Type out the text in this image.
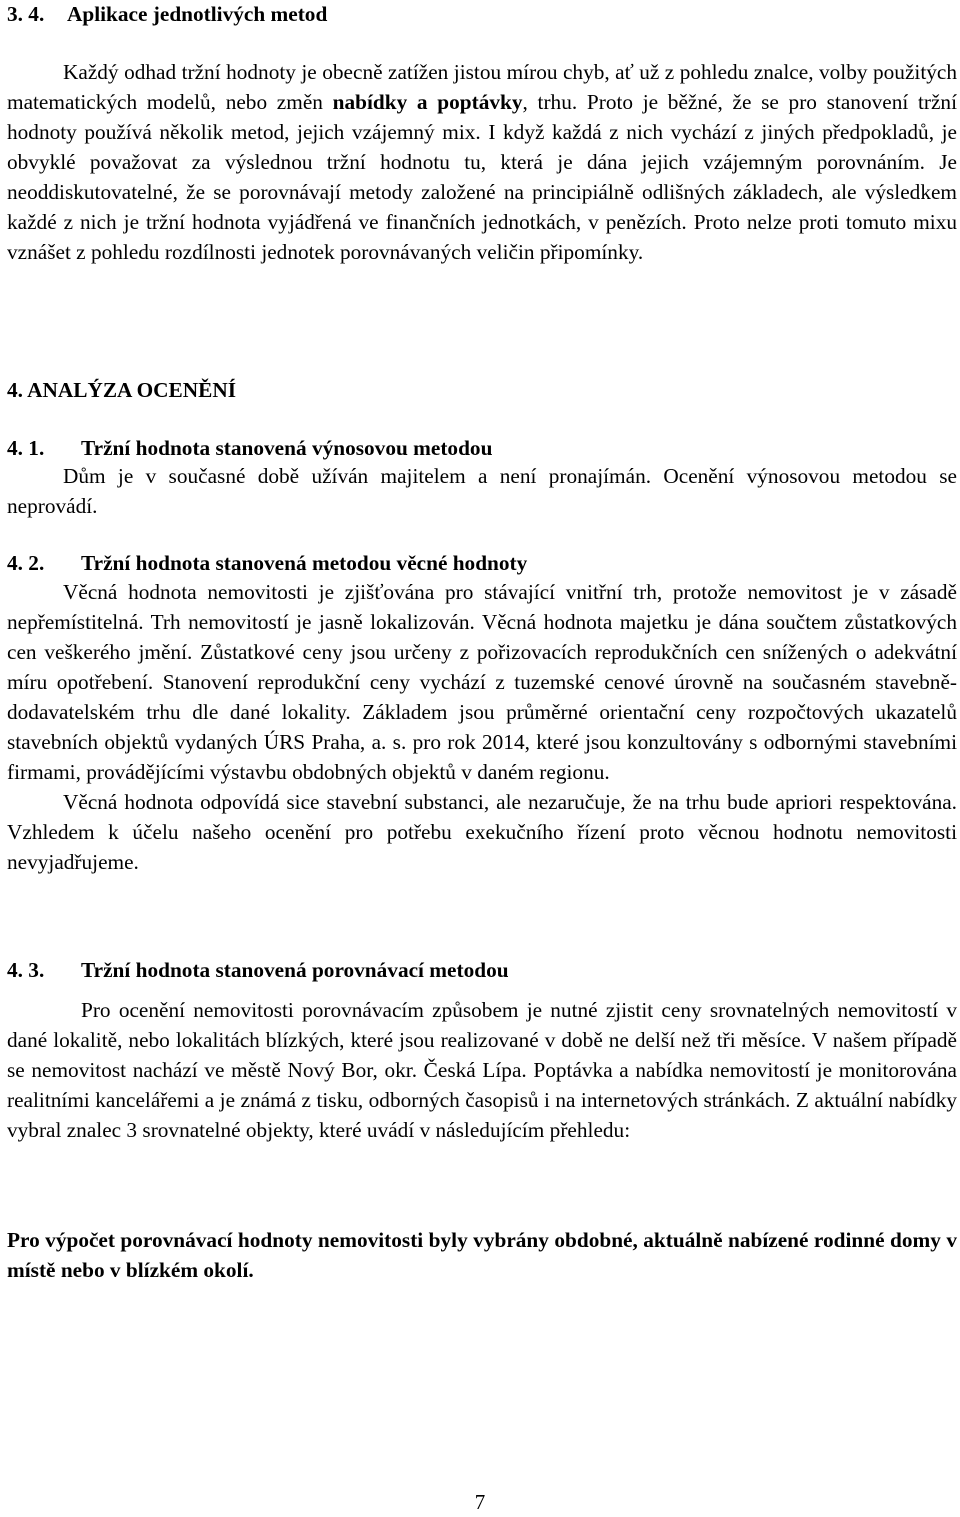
3. 4. Aplikace jednotlivých metod

Každý odhad tržní hodnoty je obecně zatížen jistou mírou chyb, ať už z pohledu znalce, volby použitých matematických modelů, nebo změn nabídky a poptávky, trhu. Proto je běžné, že se pro stanovení tržní hodnoty používá několik metod, jejich vzájemný mix. I když každá z nich vychází z jiných předpokladů, je obvyklé považovat za výslednou tržní hodnotu tu, která je dána jejich vzájemným porovnáním. Je neoddiskutovatelné, že se porovnávají metody založené na principiálně odlišných základech, ale výsledkem každé z nich je tržní hodnota vyjádřená ve finančních jednotkách, v penězích. Proto nelze proti tomuto mixu vznášet z pohledu rozdílnosti jednotek porovnávaných veličin připomínky.

4. ANALÝZA OCENĚNÍ
4. 1. Tržní hodnota stanovená výnosovou metodou

Dům je v současné době užíván majitelem a není pronajímán. Ocenění výnosovou metodou se neprovádí.

4. 2. Tržní hodnota stanovená metodou věcné hodnoty

Věcná hodnota nemovitosti je zjišťována pro stávající vnitřní trh, protože nemovitost je v zásadě nepřemístitelná. Trh nemovitostí je jasně lokalizován. Věcná hodnota majetku je dána součtem zůstatkových cen veškerého jmění. Zůstatkové ceny jsou určeny z pořizovacích reprodukčních cen snížených o adekvátní míru opotřebení. Stanovení reprodukční ceny vychází z tuzemské cenové úrovně na současném stavebně-dodavatelském trhu dle dané lokality. Základem jsou průměrné orientační ceny rozpočtových ukazatelů stavebních objektů vydaných ÚRS Praha, a. s. pro rok 2014, které jsou konzultovány s odbornými stavebními firmami, provádějícími výstavbu obdobných objektů v daném regionu.

Věcná hodnota odpovídá sice stavební substanci, ale nezaručuje, že na trhu bude apriori respektována. Vzhledem k účelu našeho ocenění pro potřebu exekučního řízení proto věcnou hodnotu nemovitosti nevyjadřujeme.

4. 3. Tržní hodnota stanovená porovnávací metodou

Pro ocenění nemovitosti porovnávacím způsobem je nutné zjistit ceny srovnatelných nemovitostí v dané lokalitě, nebo lokalitách blízkých, které jsou realizované v době ne delší než tři měsíce. V našem případě se nemovitost nachází ve městě Nový Bor, okr. Česká Lípa. Poptávka a nabídka nemovitostí je monitorována realitními kancelářemi a je známá z tisku, odborných časopisů i na internetových stránkách. Z aktuální nabídky vybral znalec 3 srovnatelné objekty, které uvádí v následujícím přehledu:

Pro výpočet porovnávací hodnoty nemovitosti byly vybrány obdobné, aktuálně nabízené rodinné domy v místě nebo v blízkém okolí.

7
